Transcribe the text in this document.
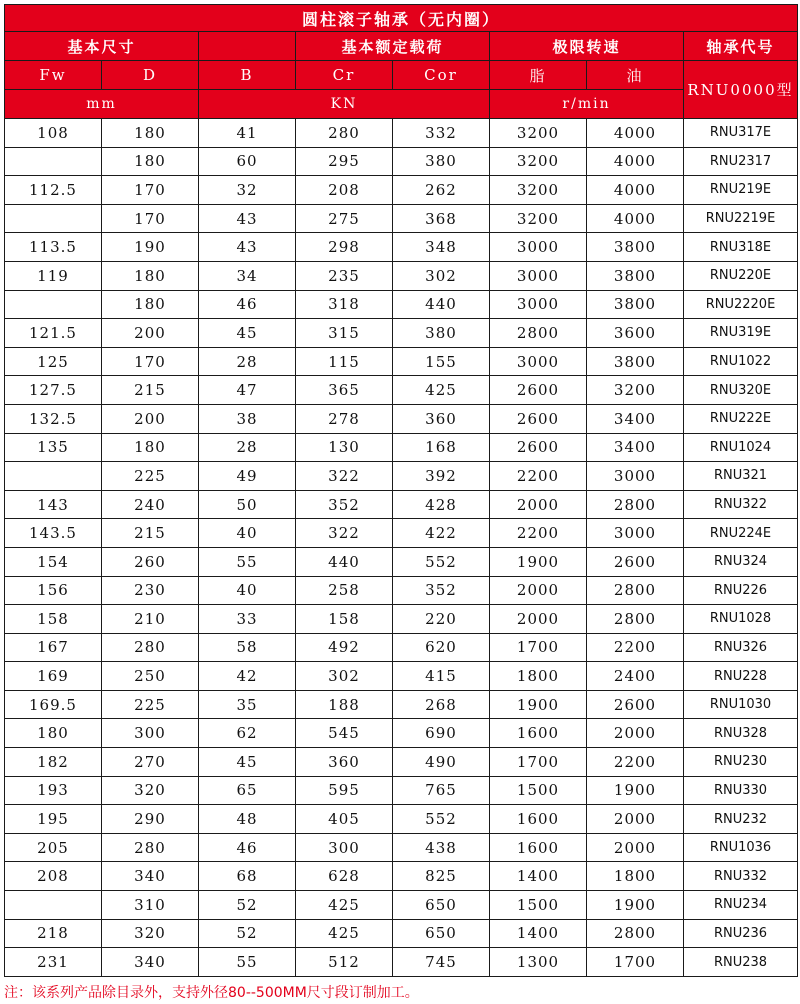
圆柱滚子轴承（无内圈）							
基本尺寸			基本额定载荷		极限转速		轴承代号
Fw	D	B	Cr	Cor	脂	油	RNU0000型
mm		KN			r/min		
108	180	41	280	332	3200	4000	RNU317E
	180	60	295	380	3200	4000	RNU2317
112.5	170	32	208	262	3200	4000	RNU219E
	170	43	275	368	3200	4000	RNU2219E
113.5	190	43	298	348	3000	3800	RNU318E
119	180	34	235	302	3000	3800	RNU220E
	180	46	318	440	3000	3800	RNU2220E
121.5	200	45	315	380	2800	3600	RNU319E
125	170	28	115	155	3000	3800	RNU1022
127.5	215	47	365	425	2600	3200	RNU320E
132.5	200	38	278	360	2600	3400	RNU222E
135	180	28	130	168	2600	3400	RNU1024
	225	49	322	392	2200	3000	RNU321
143	240	50	352	428	2000	2800	RNU322
143.5	215	40	322	422	2200	3000	RNU224E
154	260	55	440	552	1900	2600	RNU324
156	230	40	258	352	2000	2800	RNU226
158	210	33	158	220	2000	2800	RNU1028
167	280	58	492	620	1700	2200	RNU326
169	250	42	302	415	1800	2400	RNU228
169.5	225	35	188	268	1900	2600	RNU1030
180	300	62	545	690	1600	2000	RNU328
182	270	45	360	490	1700	2200	RNU230
193	320	65	595	765	1500	1900	RNU330
195	290	48	405	552	1600	2000	RNU232
205	280	46	300	438	1600	2000	RNU1036
208	340	68	628	825	1400	1800	RNU332
	310	52	425	650	1500	1900	RNU234
218	320	52	425	650	1400	2800	RNU236
231	340	55	512	745	1300	1700	RNU238
注：该系列产品除目录外，支持外径80--500MM尺寸段订制加工。
